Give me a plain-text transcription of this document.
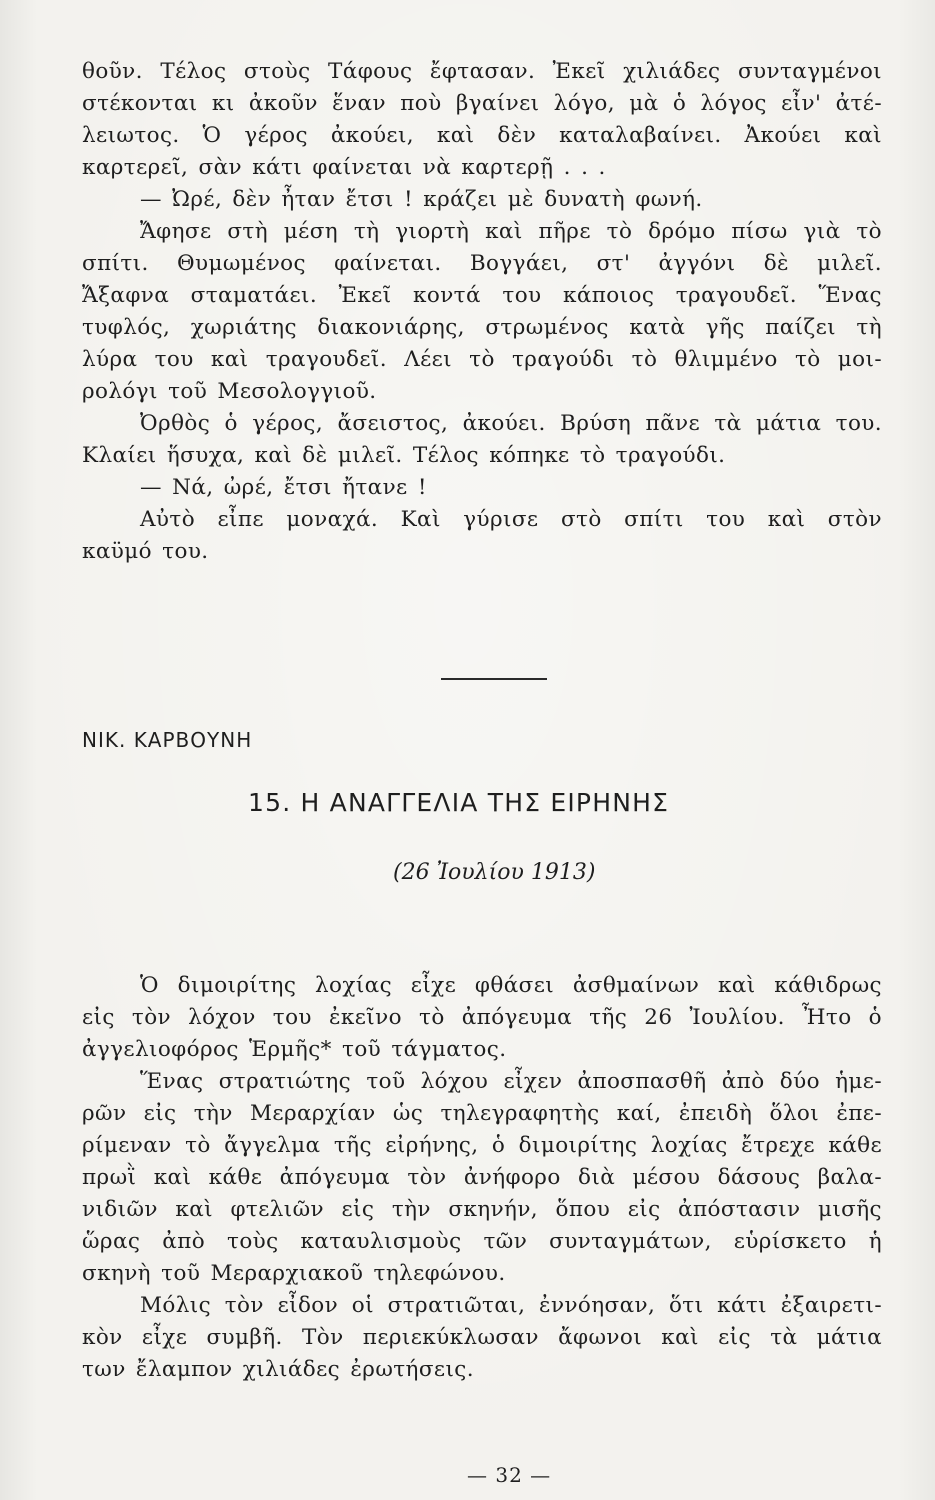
θοῦν. Τέλος στοὺς Τάφους ἔφτασαν. Ἐκεῖ χιλιάδες συνταγμένοι
στέκονται κι ἀκοῦν ἕναν ποὺ βγαίνει λόγο, μὰ ὁ λόγος εἶν' ἀτέ-
λειωτος. Ὁ γέρος ἀκούει, καὶ δὲν καταλαβαίνει. Ἀκούει καὶ
καρτερεῖ, σὰν κάτι φαίνεται νὰ καρτερῇ . . .
— Ὠρέ, δὲν ἦταν ἔτσι ! κράζει μὲ δυνατὴ φωνή.
Ἄφησε στὴ μέση τὴ γιορτὴ καὶ πῆρε τὸ δρόμο πίσω γιὰ τὸ
σπίτι. Θυμωμένος φαίνεται. Βογγάει, στ' ἀγγόνι δὲ μιλεῖ.
Ἄξαφνα σταματάει. Ἐκεῖ κοντά του κάποιος τραγουδεῖ. Ἕνας
τυφλός, χωριάτης διακονιάρης, στρωμένος κατὰ γῆς παίζει τὴ
λύρα του καὶ τραγουδεῖ. Λέει τὸ τραγούδι τὸ θλιμμένο τὸ μοι-
ρολόγι τοῦ Μεσολογγιοῦ.
Ὀρθὸς ὁ γέρος, ἄσειστος, ἀκούει. Βρύση πᾶνε τὰ μάτια του.
Κλαίει ἥσυχα, καὶ δὲ μιλεῖ. Τέλος κόπηκε τὸ τραγούδι.
— Νά, ὠρέ, ἔτσι ἤτανε !
Αὐτὸ εἶπε μοναχά. Καὶ γύρισε στὸ σπίτι του καὶ στὸν
καϋμό του.
ΝΙΚ. ΚΑΡΒΟΥΝΗ
15. Η ΑΝΑΓΓΕΛΙΑ ΤΗΣ ΕΙΡΗΝΗΣ
(26 Ἰουλίου 1913)
Ὁ διμοιρίτης λοχίας εἶχε φθάσει ἀσθμαίνων καὶ κάθιδρως
εἰς τὸν λόχον του ἐκεῖνο τὸ ἀπόγευμα τῆς 26 Ἰουλίου. Ἦτο ὁ
ἀγγελιοφόρος Ἑρμῆς* τοῦ τάγματος.
Ἕνας στρατιώτης τοῦ λόχου εἶχεν ἀποσπασθῆ ἀπὸ δύο ἡμε-
ρῶν εἰς τὴν Μεραρχίαν ὡς τηλεγραφητὴς καί, ἐπειδὴ ὅλοι ἐπε-
ρίμεναν τὸ ἄγγελμα τῆς εἰρήνης, ὁ διμοιρίτης λοχίας ἔτρεχε κάθε
πρωῒ καὶ κάθε ἀπόγευμα τὸν ἀνήφορο διὰ μέσου δάσους βαλα-
νιδιῶν καὶ φτελιῶν εἰς τὴν σκηνήν, ὅπου εἰς ἀπόστασιν μισῆς
ὥρας ἀπὸ τοὺς καταυλισμοὺς τῶν συνταγμάτων, εὑρίσκετο ἡ
σκηνὴ τοῦ Μεραρχιακοῦ τηλεφώνου.
Μόλις τὸν εἶδον οἱ στρατιῶται, ἐννόησαν, ὅτι κάτι ἐξαιρετι-
κὸν εἶχε συμβῆ. Τὸν περιεκύκλωσαν ἄφωνοι καὶ εἰς τὰ μάτια
των ἔλαμπον χιλιάδες ἐρωτήσεις.
— 32 —
